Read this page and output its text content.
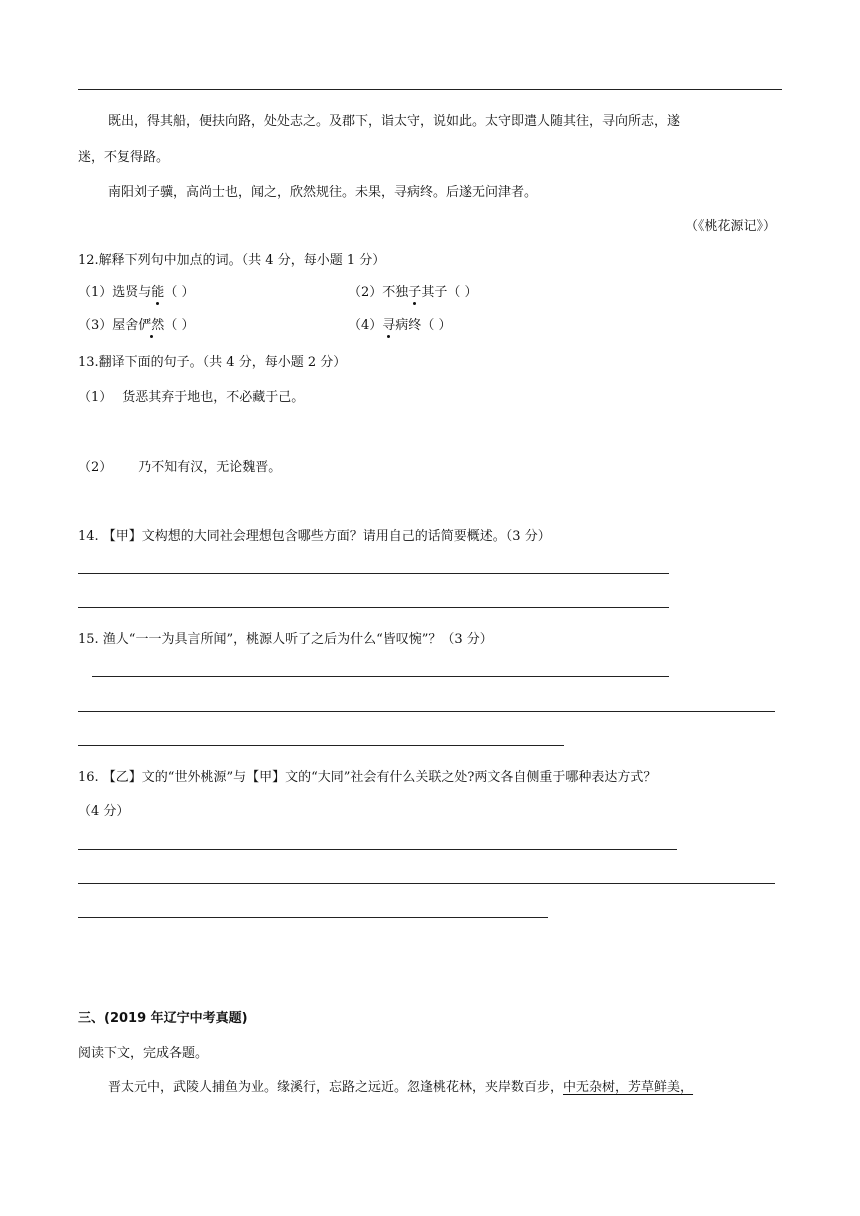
既出，得其船，便扶向路，处处志之。及郡下，诣太守，说如此。太守即遣人随其往，寻向所志，遂
迷，不复得路。
南阳刘子骥，高尚士也，闻之，欣然规往。未果，寻病终。后遂无问津者。
（《桃花源记》）
12.解释下列句中加点的词。（共 4 分，每小题 1 分）
（1）选贤与能（ ）	（2）不独子其子（ ）
（3）屋舍俨然（ ）	（4）寻病终（ ）
13.翻译下面的句子。（共 4 分，每小题 2 分）
（1） 货恶其弃于地也，不必藏于己。
（2） 乃不知有汉，无论魏晋。
14. 【甲】文构想的大同社会理想包含哪些方面？请用自己的话简要概述。（3 分）
15. 渔人“一一为具言所闻”，桃源人听了之后为什么“皆叹惋”？（3 分）
16. 【乙】文的“世外桃源”与【甲】文的“大同”社会有什么关联之处?两文各自侧重于哪种表达方式？
（4 分）
三、(2019 年辽宁中考真题)
阅读下文，完成各题。
晋太元中，武陵人捕鱼为业。缘溪行，忘路之远近。忽逢桃花林，夹岸数百步，中无杂树，芳草鲜美，
